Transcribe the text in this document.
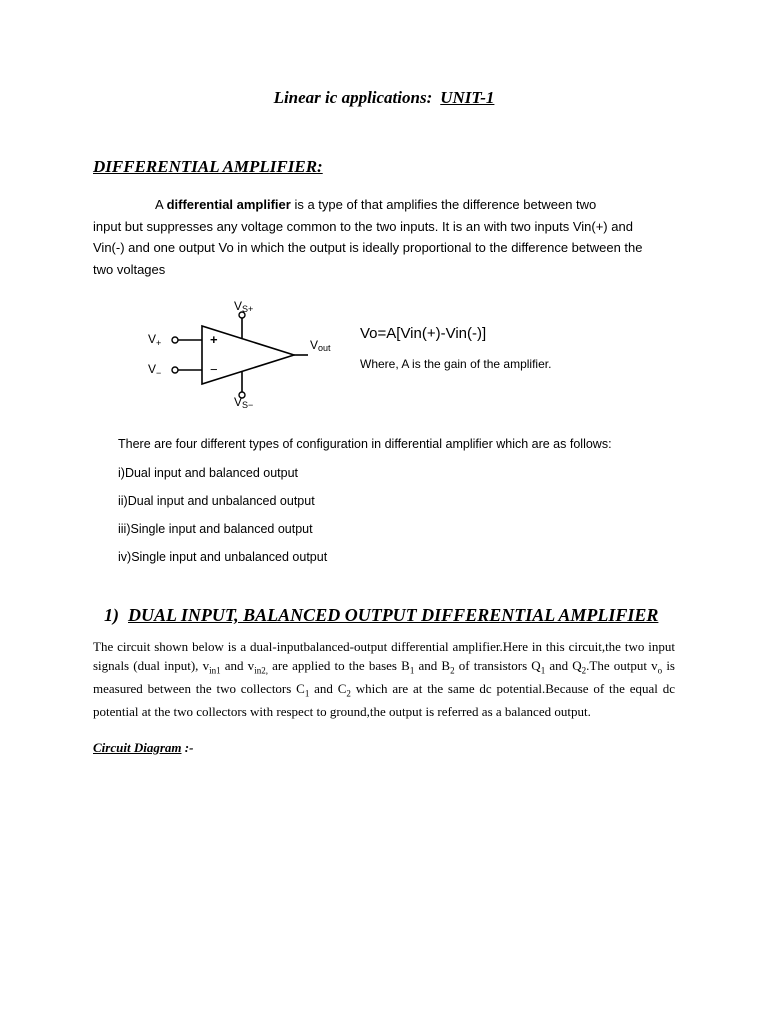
Linear ic applications: UNIT-1
DIFFERENTIAL AMPLIFIER:
A differential amplifier is a type of that amplifies the difference between two
input but suppresses any voltage common to the two inputs. It is an with two inputs Vin(+) and
Vin(-) and one output Vo in which the output is ideally proportional to the difference between the
two voltages
+
−
VS+
VS−
$V_+$
$V_-$
Vout
Vo=A[Vin(+)-Vin(-)]
Where, A is the gain of the amplifier.
There are four different types of configuration in differential amplifier which are as follows:
i)Dual input and balanced output
ii)Dual input and unbalanced output
iii)Single input and balanced output
iv)Single input and unbalanced output
1) DUAL INPUT, BALANCED OUTPUT DIFFERENTIAL AMPLIFIER
The circuit shown below is a dual-inputbalanced-output differential amplifier.Here in this circuit,the two input signals (dual input), $v_{in1}$ and $v_{in2,}$ are applied to the bases $B_1$ and $B_2$ of transistors $Q_1$ and $Q_2.The$ output $v_o$ is measured between the two collectors $C_1$ and $C_2$ which are at the same dc potential.Because of the equal dc potential at the two collectors with respect to ground,the output is referred as a balanced output.
Circuit Diagram :-
